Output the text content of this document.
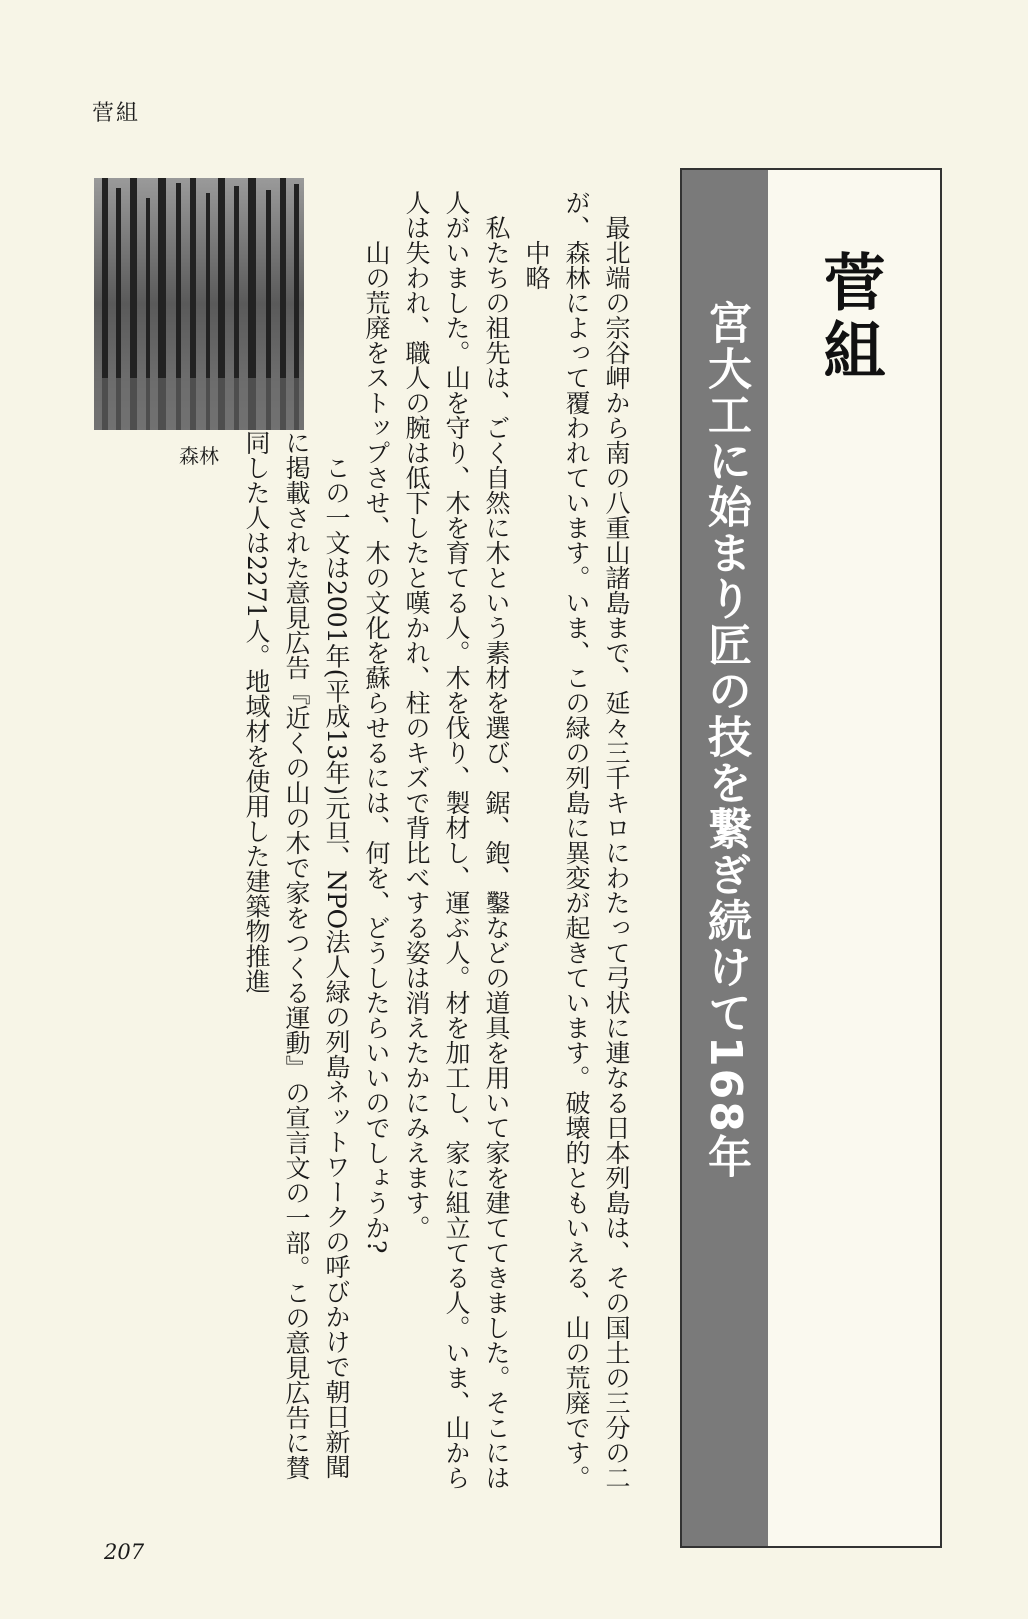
菅組
宮大工に始まり匠の技を繋ぎ続けて168年 菅組

最北端の宗谷岬から南の八重山諸島まで、延々三千キロにわたって弓状に連なる日本列島は、その国土の三分の二が、森林によって覆われています。いま、この緑の列島に異変が起きています。破壊的ともいえる、山の荒廃です。

中略

私たちの祖先は、ごく自然に木という素材を選び、鋸、鉋、鑿などの道具を用いて家を建ててきました。そこには人がいました。山を守り、木を育てる人。木を伐り、製材し、運ぶ人。材を加工し、家に組立てる人。いま、山から人は失われ、職人の腕は低下したと嘆かれ、柱のキズで背比べする姿は消えたかにみえます。

山の荒廃をストップさせ、木の文化を蘇らせるには、何を、どうしたらいいのでしょうか?

この一文は2001年(平成13年)元旦、NPO法人緑の列島ネットワークの呼びかけで朝日新聞に掲載された意見広告『近くの山の木で家をつくる運動』の宣言文の一部。この意見広告に賛同した人は2271人。地域材を使用した建築物推進

森林
207
